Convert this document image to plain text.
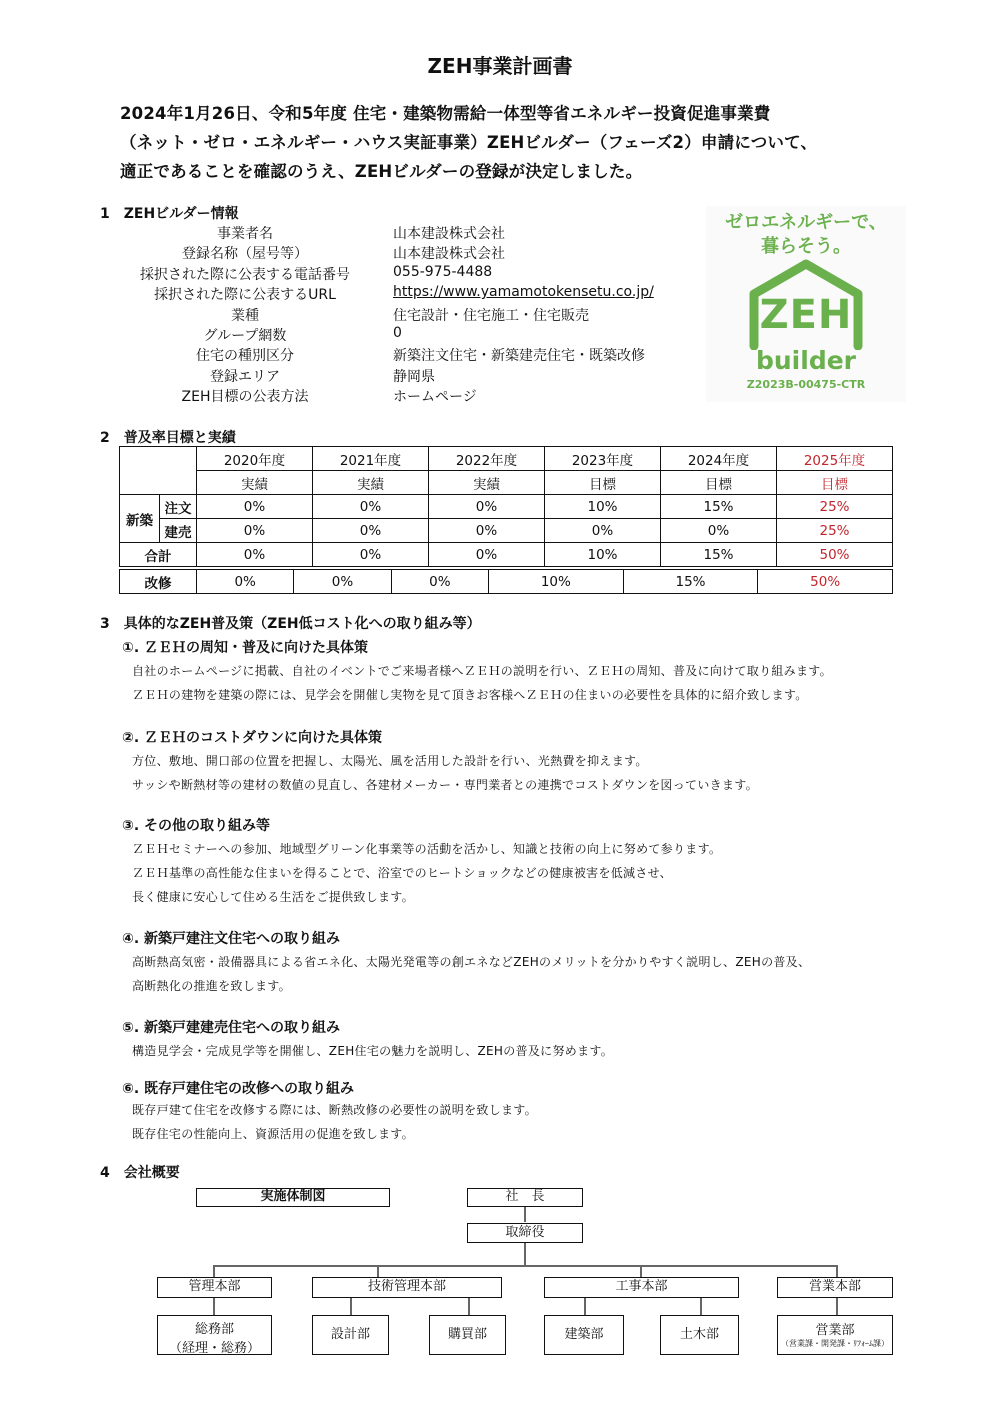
ZEH事業計画書
2024年1月26日、令和5年度 住宅・建築物需給一体型等省エネルギー投資促進事業費
（ネット・ゼロ・エネルギー・ハウス実証事業）ZEHビルダー（フェーズ2）申請について、
適正であることを確認のうえ、ZEHビルダーの登録が決定しました。
1　ZEHビルダー情報
事業者名	山本建設株式会社
登録名称（屋号等）	山本建設株式会社
採択された際に公表する電話番号	055-975-4488
採択された際に公表するURL	https://www.yamamotokensetu.co.jp/
業種	住宅設計・住宅施工・住宅販売
グループ網数	0
住宅の種別区分	新築注文住宅・新築建売住宅・既築改修
登録エリア	静岡県
ZEH目標の公表方法	ホームページ
ゼロエネルギーで、
暮らそう。
ZEH
builder
Z2023B-00475-CTR
2　普及率目標と実績
		2020年度	2021年度	2022年度	2023年度	2024年度	2025年度
		実績	実績	実績	目標	目標	目標
新築	注文	0%	0%	0%	10%	15%	25%
	建売	0%	0%	0%	0%	0%	25%
合計		0%	0%	0%	10%	15%	50%
改修	0%	0%	0%	10%	15%	50%
3　具体的なZEH普及策（ZEH低コスト化への取り組み等）
①. ＺＥＨの周知・普及に向けた具体策
自社のホームページに掲載、自社のイベントでご来場者様へＺＥＨの説明を行い、ＺＥＨの周知、普及に向けて取り組みます。
ＺＥＨの建物を建築の際には、見学会を開催し実物を見て頂きお客様へＺＥＨの住まいの必要性を具体的に紹介致します。
②. ＺＥＨのコストダウンに向けた具体策
方位、敷地、開口部の位置を把握し、太陽光、風を活用した設計を行い、光熱費を抑えます。
サッシや断熱材等の建材の数値の見直し、各建材メーカー・専門業者との連携でコストダウンを図っていきます。
③. その他の取り組み等
ＺＥＨセミナーへの参加、地域型グリーン化事業等の活動を活かし、知識と技術の向上に努めて参ります。
ＺＥＨ基準の高性能な住まいを得ることで、浴室でのヒートショックなどの健康被害を低減させ、
長く健康に安心して住める生活をご提供致します。
④. 新築戸建注文住宅への取り組み
高断熱高気密・設備器具による省エネ化、太陽光発電等の創エネなどZEHのメリットを分かりやすく説明し、ZEHの普及、
高断熱化の推進を致します。
⑤. 新築戸建建売住宅への取り組み
構造見学会・完成見学等を開催し、ZEH住宅の魅力を説明し、ZEHの普及に努めます。
⑥. 既存戸建住宅の改修への取り組み
既存戸建て住宅を改修する際には、断熱改修の必要性の説明を致します。
既存住宅の性能向上、資源活用の促進を致します。
4　会社概要
実施体制図	社　長
取締役
管理本部	技術管理本部	工事本部	営業本部
総務部
（経理・総務）
設計部	購買部	建築部	土木部	営業部
（営業課・開発課・ﾘﾌｫｰﾑ課）
